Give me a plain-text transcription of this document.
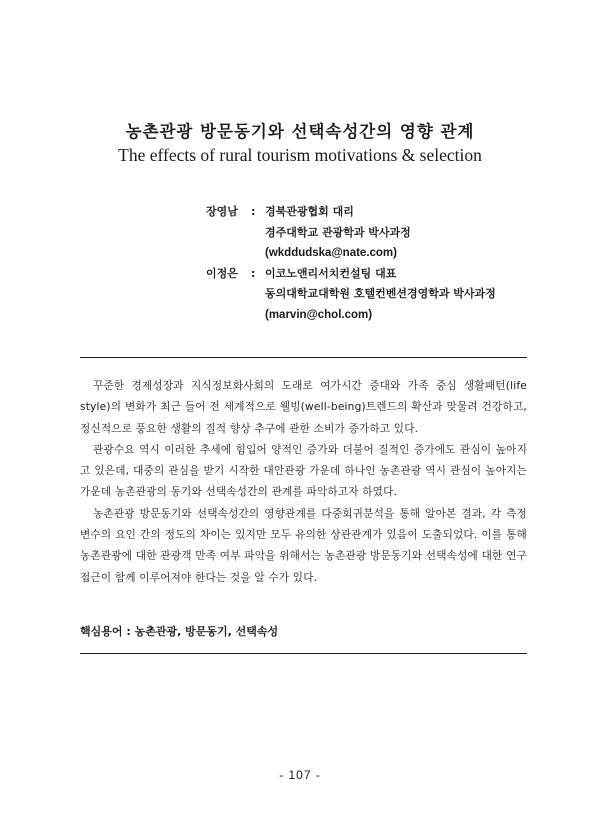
농촌관광 방문동기와 선택속성간의 영향 관계
The effects of rural tourism motivations & selection
장영남	: 경북관광협회 대리
경주대학교 관광학과 박사과정
(wkddudska@nate.com)
이정은	: 이코노앤리서치컨설팅 대표
동의대학교대학원 호텔컨벤션경영학과 박사과정
(marvin@chol.com)

꾸준한 경제성장과 지식정보화사회의 도래로 여가시간 증대와 가족 중심 생활패턴(life style)의 변화가 최근 들어 전 세계적으로 웰빙(well-being)트렌드의 확산과 맞물려 건강하고, 정신적으로 풍요한 생활의 질적 향상 추구에 관한 소비가 증가하고 있다.

관광수요 역시 이러한 추세에 힘입어 양적인 증가와 더불어 질적인 증가에도 관심이 높아지고 있은데, 대중의 관심을 받기 시작한 대안관광 가운데 하나인 농촌관광 역시 관심이 높아지는 가운데 농촌관광의 동기와 선택속성간의 관계를 파악하고자 하였다.

농촌관광 방문동기와 선택속성간의 영향관계를 다중회귀분석을 통해 알아본 결과, 각 측정 변수의 요인 간의 정도의 차이는 있지만 모두 유의한 상관관계가 있음이 도출되었다. 이를 통해 농촌관광에 대한 관광객 만족 여부 파악을 위해서는 농촌관광 방문동기와 선택속성에 대한 연구 접근이 함께 이루어져야 한다는 것을 알 수가 있다.

핵심용어 : 농촌관광, 방문동기, 선택속성
- 107 -
